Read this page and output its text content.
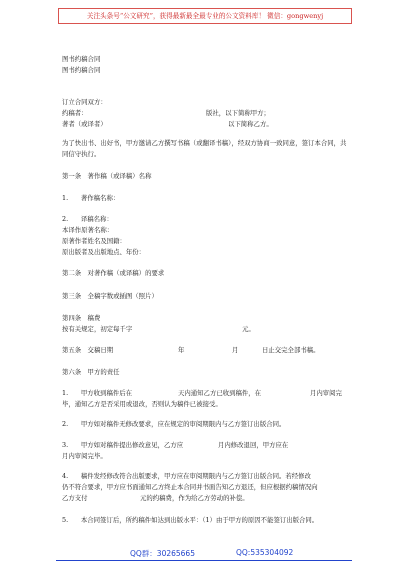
关注头条号“公文研究”，获得最新最全最专业的公文资料库！ 微信：gongwenyj
图书约稿合同
图书约稿合同
订立合同双方：
约稿者：	版社，以下简称甲方；
著者（或译者）	以下简称乙方。
为了快出书、出好书，甲方邀请乙方撰写书稿（或翻译书稿），经双方协商一致同意，签订本合同，共同信守执行。
第一条　著作稿（或译稿）名称
1.　　著作稿名称：
2.　　译稿名称：
本译作原著名称：
原著作者姓名及国籍：
原出版者及出版地点、年份：
第二条　对著作稿（或译稿）的要求
第三条　全稿字数或插图（照片）
第四条　稿费
按有关规定，初定每千字	元。
第五条　交稿日期	年	月	日止交完全部书稿。
第六条　甲方的责任
1.　　甲方收到稿件后在	天内通知乙方已收到稿件，在	月内审阅完
毕，通知乙方是否采用或退改，否则认为稿件已被接受。
2.　　甲方如对稿件无修改要求，应在规定的审阅期限内与乙方签订出版合同。
3.　　甲方如对稿件提出修改意见，乙方应	月内修改退回，甲方应在
月内审阅完毕。
4.　　稿件发经修改符合出版要求，甲方应在审阅期限内与乙方签订出版合同。若经修改
仍不符合要求，甲方应书面通知乙方终止本合同并书面告知乙方退还，但应根据约稿情况向
乙方支付	元的约稿费，作为给乙方劳动的补偿。
5.　　本合同签订后，所约稿件如达到出版水平：（1）由于甲方的原因不能签订出版合同。
QQ群：30265665	QQ:535304092
